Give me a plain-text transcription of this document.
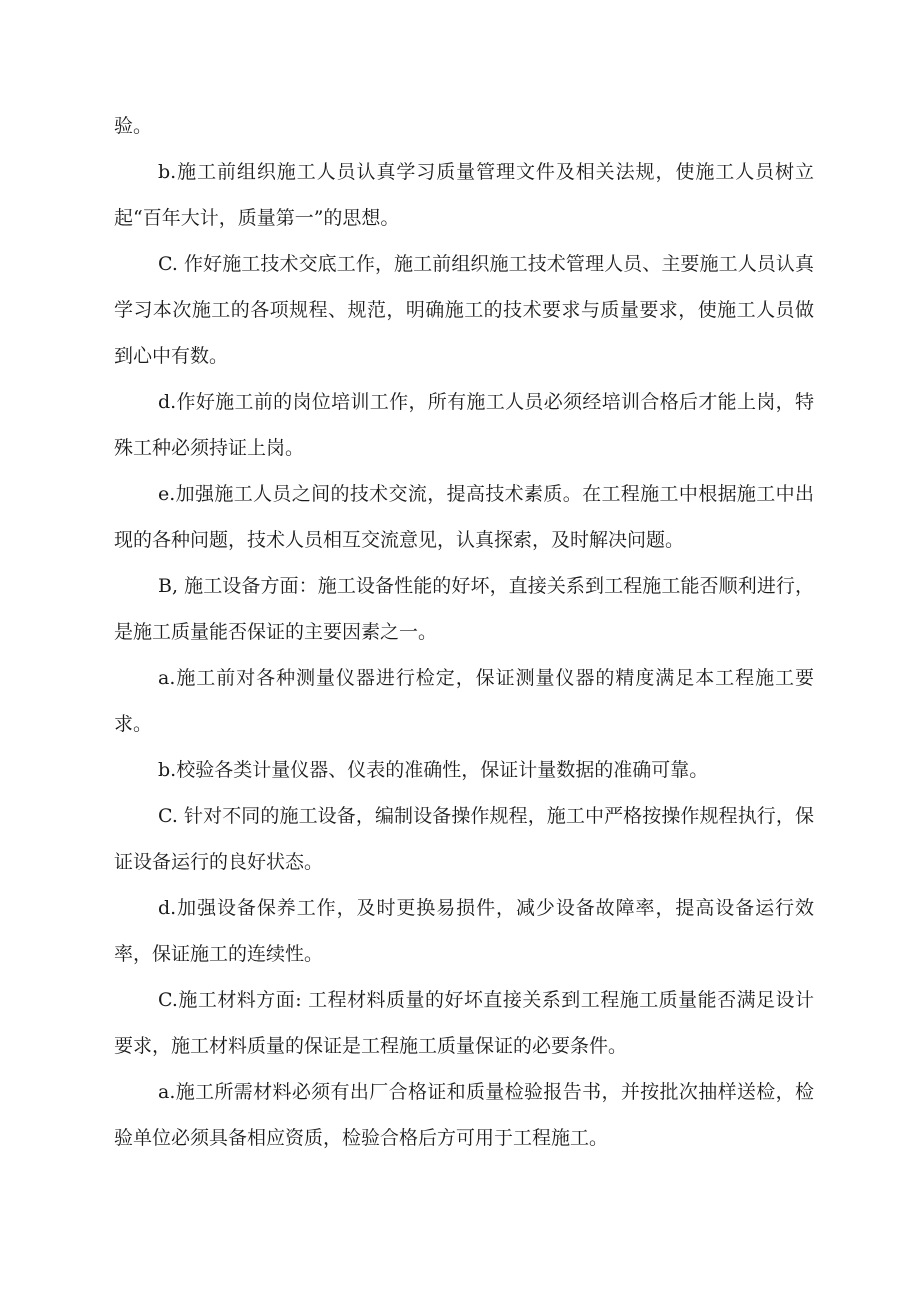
验。

b.施工前组织施工人员认真学习质量管理文件及相关法规，使施工人员树立起“百年大计，质量第一”的思想。

C. 作好施工技术交底工作，施工前组织施工技术管理人员、主要施工人员认真学习本次施工的各项规程、规范，明确施工的技术要求与质量要求，使施工人员做到心中有数。

d.作好施工前的岗位培训工作，所有施工人员必须经培训合格后才能上岗，特殊工种必须持证上岗。

e.加强施工人员之间的技术交流，提高技术素质。在工程施工中根据施工中出现的各种问题，技术人员相互交流意见，认真探索，及时解决问题。

B, 施工设备方面：施工设备性能的好坏，直接关系到工程施工能否顺利进行，是施工质量能否保证的主要因素之一。

a.施工前对各种测量仪器进行检定，保证测量仪器的精度满足本工程施工要求。

b.校验各类计量仪器、仪表的准确性，保证计量数据的准确可靠。

C. 针对不同的施工设备，编制设备操作规程，施工中严格按操作规程执行，保证设备运行的良好状态。

d.加强设备保养工作，及时更换易损件，减少设备故障率，提高设备运行效率，保证施工的连续性。

C.施工材料方面: 工程材料质量的好坏直接关系到工程施工质量能否满足设计要求，施工材料质量的保证是工程施工质量保证的必要条件。

a.施工所需材料必须有出厂合格证和质量检验报告书，并按批次抽样送检，检验单位必须具备相应资质，检验合格后方可用于工程施工。
